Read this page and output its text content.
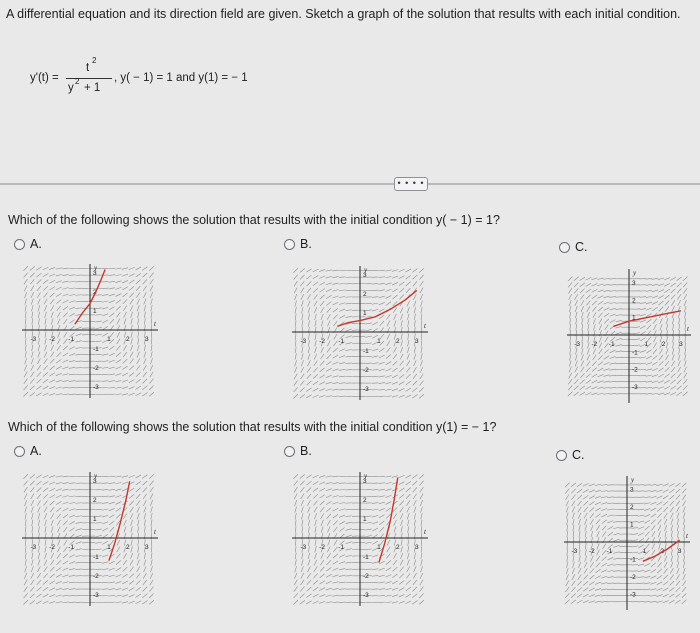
A differential equation and its direction field are given. Sketch a graph of the solution that results with each initial condition.
y'(t) =
t
2
y
2
+ 1
, y( − 1) = 1 and y(1) = − 1
• • • •
Which of the following shows the solution that results with the initial condition y( − 1) = 1?
A.	B.	C.
-3 -2 -1	1 2 3
3
2
1
-1
-2
-3
t
y
-3 -2 -1	1 2 3
3
2
1
-1
-2
-3
t
y
-3 -2 -1	1 2 3
3
2
1
-1
-2
-3
t
y
Which of the following shows the solution that results with the initial condition y(1) = − 1?
A.	B.	C.
-3 -2 -1	1 2 3
3
2
1
-1
-2
-3
t
y
-3 -2 -1	1 2 3
3
2
1
-1
-2
-3
t
y
-3 -2 -1	1 2 3
3
2
1
-1
-2
-3
t
y
